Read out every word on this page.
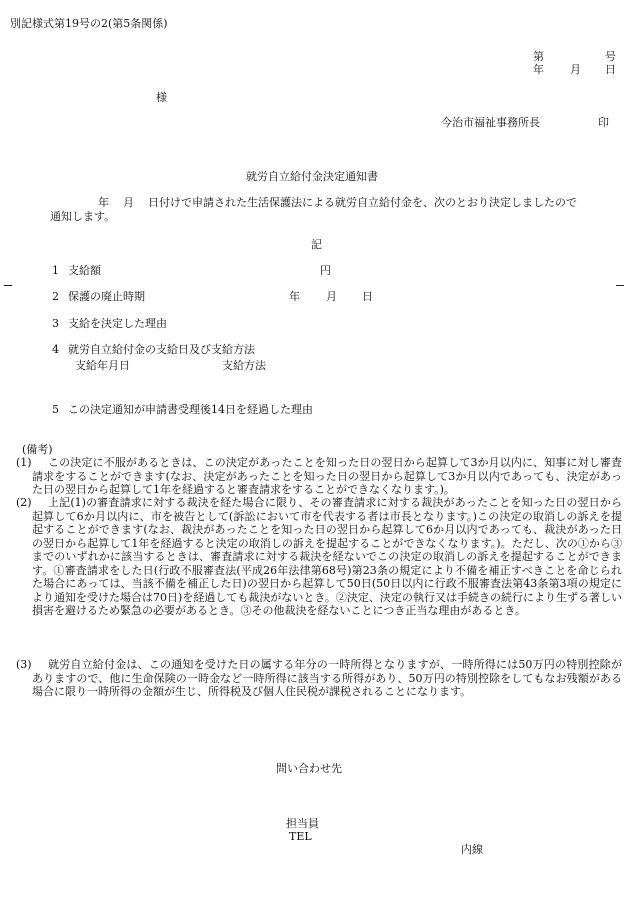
別記様式第19号の2(第5条関係)
第	号
年 月 日
様
今治市福祉事務所長	印
就労自立給付金決定通知書
年 月 日付けで申請された生活保護法による就労自立給付金を、次のとおり決定しましたので
通知します。
記
1 支給額	円
2 保護の廃止時期	年 月 日
3 支給を決定した理由
4 就労自立給付金の支給日及び支給方法
支給年月日	支給方法
5 この決定通知が申請書受理後14日を経過した理由
(備考)
(1)	この決定に不服があるときは、この決定があったことを知った日の翌日から起算して3か月以内に、知事に対し審査請求をすることができます(なお、決定があったことを知った日の翌日から起算して3か月以内であっても、決定があった日の翌日から起算して1年を経過すると審査請求をすることができなくなります。)。
(2)	上記(1)の審査請求に対する裁決を経た場合に限り、その審査請求に対する裁決があったことを知った日の翌日から起算して6か月以内に、市を被告として(訴訟において市を代表する者は市長となります。)この決定の取消しの訴えを提起することができます(なお、裁決があったことを知った日の翌日から起算して6か月以内であっても、裁決があった日の翌日から起算して1年を経過すると決定の取消しの訴えを提起することができなくなります。)。ただし、次の①から③までのいずれかに該当するときは、審査請求に対する裁決を経ないでこの決定の取消しの訴えを提起することができます。①審査請求をした日(行政不服審査法(平成26年法律第68号)第23条の規定により不備を補正すべきことを命じられた場合にあっては、当該不備を補正した日)の翌日から起算して50日(50日以内に行政不服審査法第43条第3項の規定により通知を受けた場合は70日)を経過しても裁決がないとき。②決定、決定の執行又は手続きの続行により生ずる著しい損害を避けるため緊急の必要があるとき。③その他裁決を経ないことにつき正当な理由があるとき。
(3)	就労自立給付金は、この通知を受けた日の属する年分の一時所得となりますが、一時所得には50万円の特別控除がありますので、他に生命保険の一時金など一時所得に該当する所得があり、50万円の特別控除をしてもなお残額がある場合に限り一時所得の金額が生じ、所得税及び個人住民税が課税されることになります。
問い合わせ先
担当員
TEL
内線
